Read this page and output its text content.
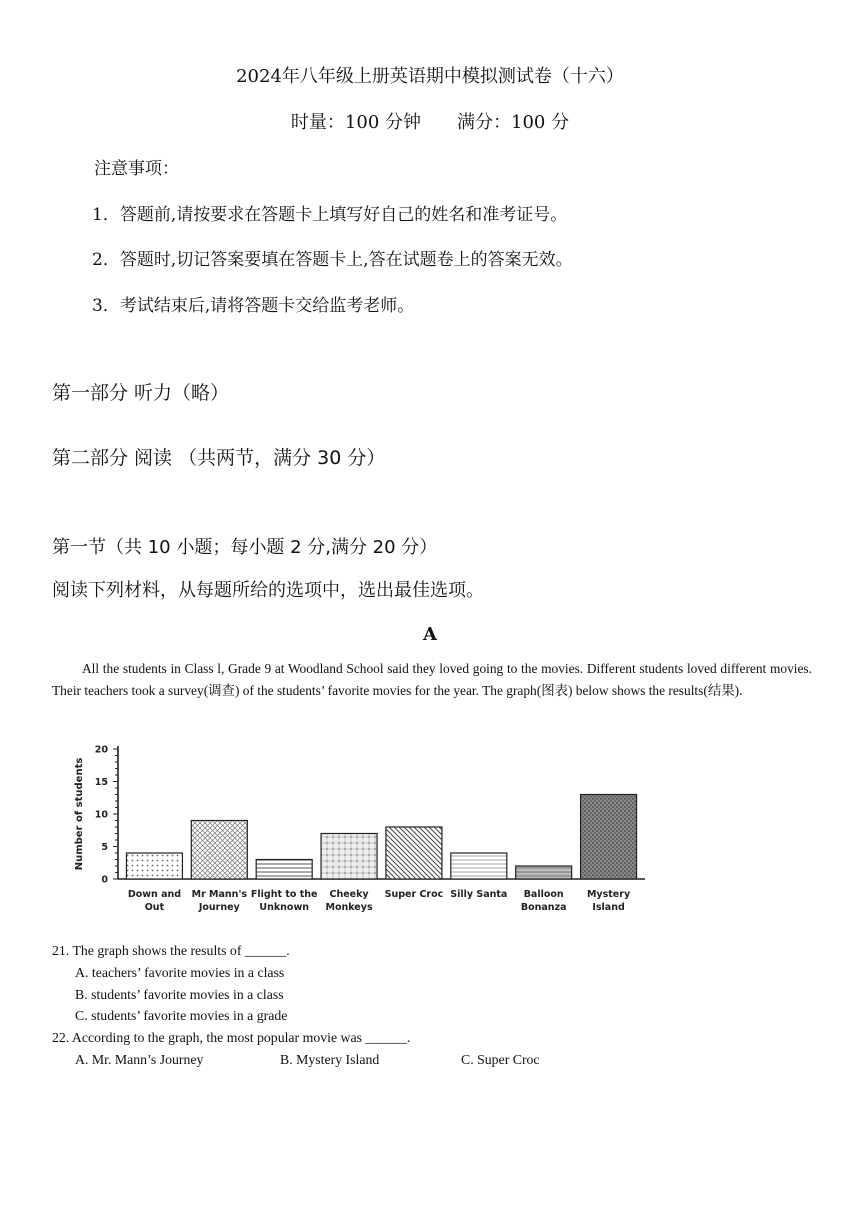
2024年八年级上册英语期中模拟测试卷（十六）
时量：100 分钟 满分：100 分
注意事项：
1．答题前,请按要求在答题卡上填写好自己的姓名和准考证号。
2．答题时,切记答案要填在答题卡上,答在试题卷上的答案无效。
3．考试结束后,请将答题卡交给监考老师。
第一部分 听力（略）
第二部分 阅读 （共两节，满分 30 分）
第一节（共 10 小题；每小题 2 分,满分 20 分）
阅读下列材料，从每题所给的选项中，选出最佳选项。
A
All the students in Class l, Grade 9 at Woodland School said they loved going to the movies. Different students loved different movies. Their teachers took a survey(调查) of the students’ favorite movies for the year. The graph(图表) below shows the results(结果).
Number of students
0
5
10
15
20
Down and
Out
Mr Mann's
Journey
Flight to the
Unknown
Cheeky
Monkeys
Super Croc Silly Santa Balloon
Bonanza
Mystery
Island
21. The graph shows the results of ______.
A. teachers’ favorite movies in a class
B. students’ favorite movies in a class
C. students’ favorite movies in a grade
22. According to the graph, the most popular movie was ______.
A. Mr. Mann’s Journey	B. Mystery Island	C. Super Croc
